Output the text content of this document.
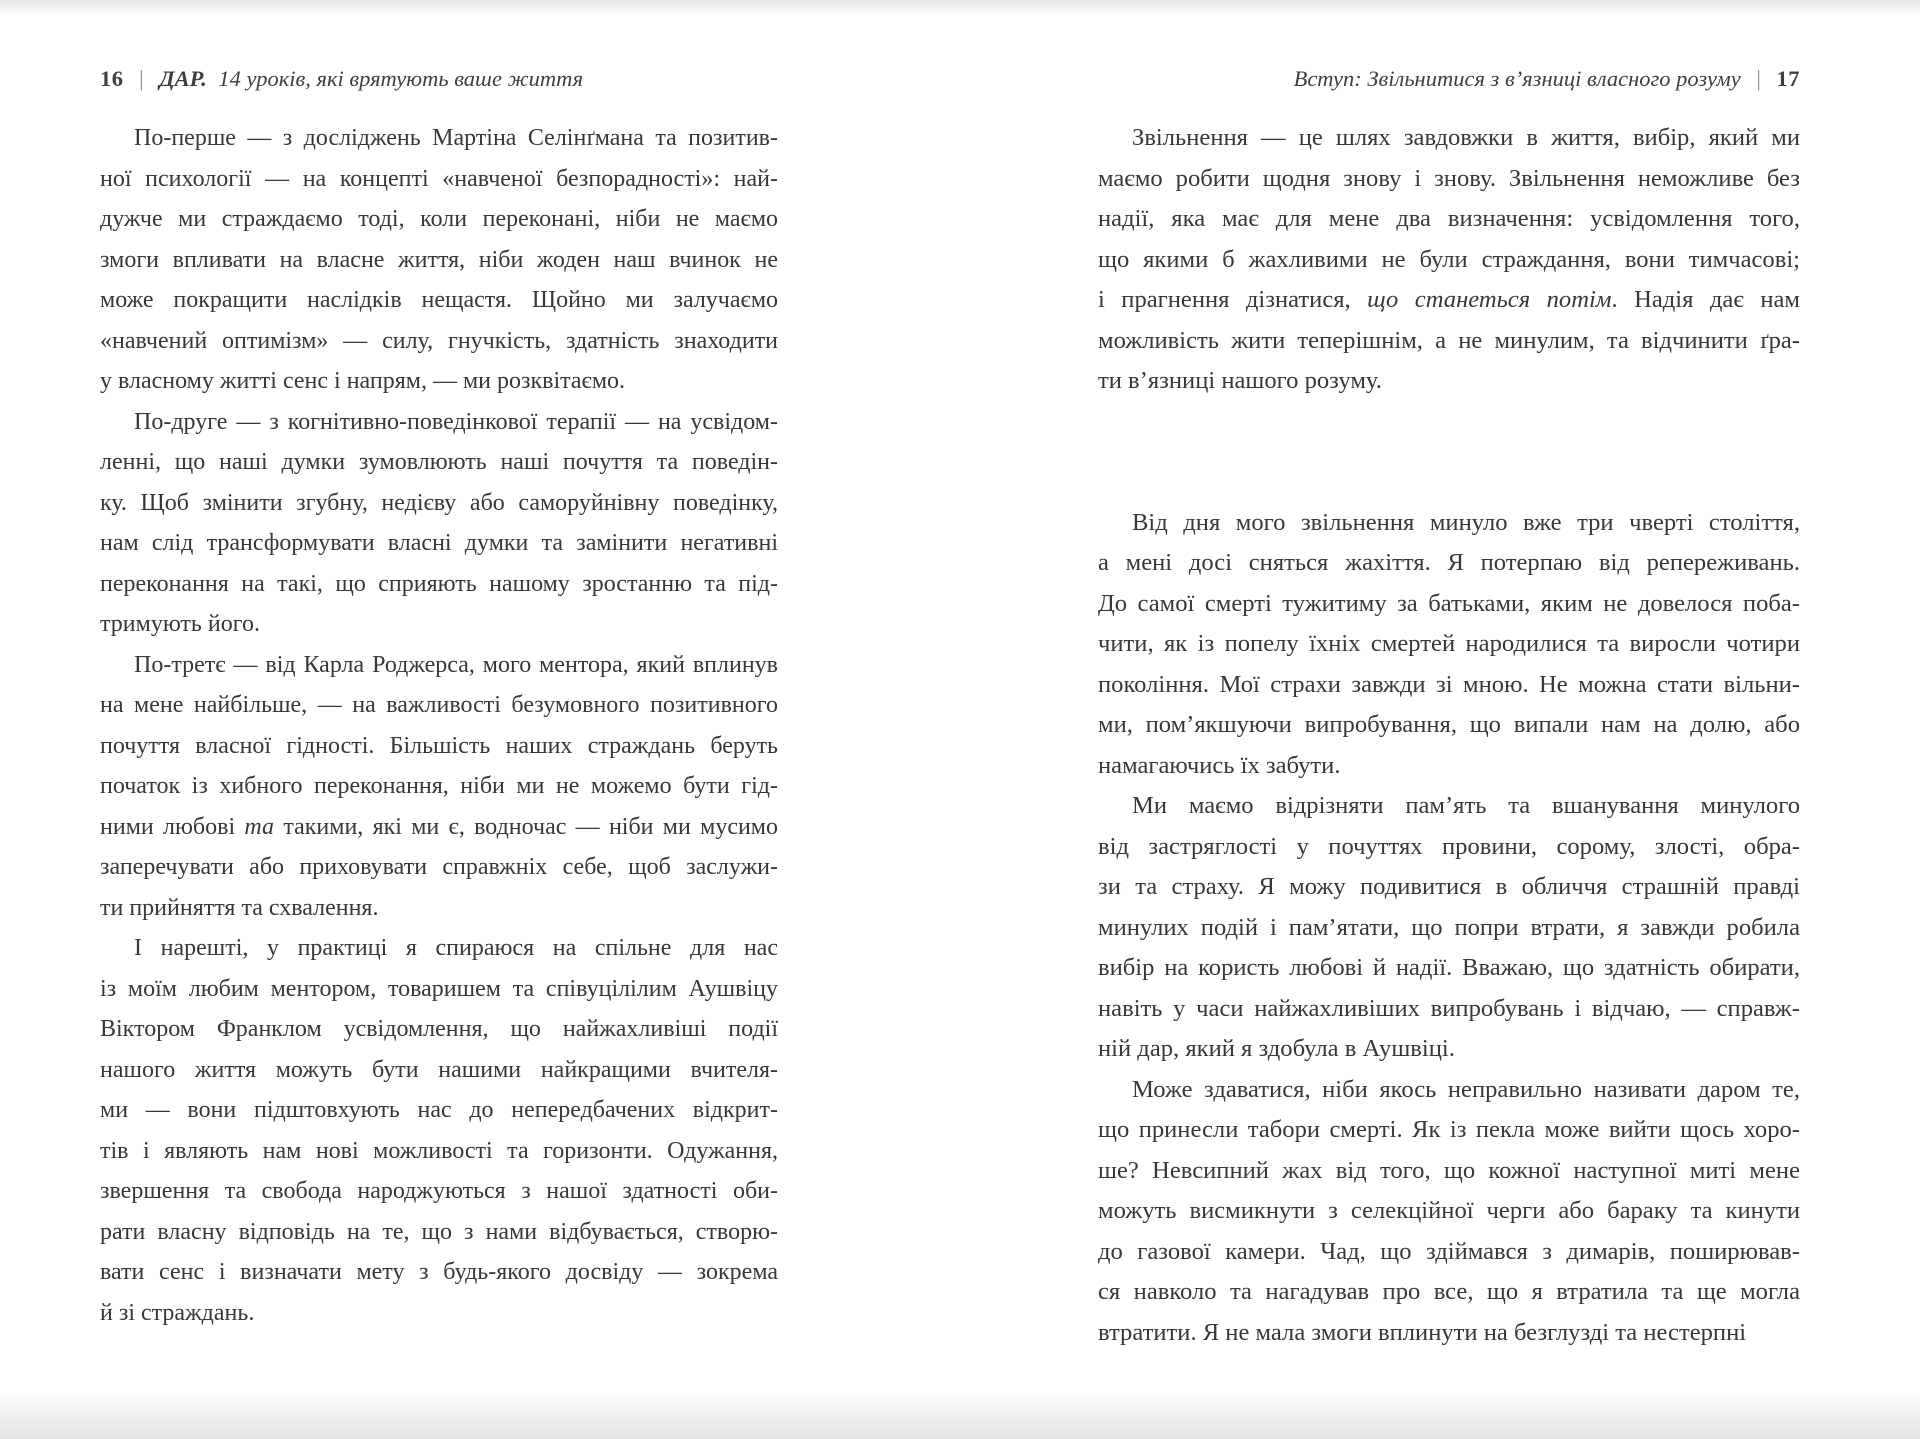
16 | ДАР. 14 уроків, які врятують ваше життя
По-перше — з досліджень Мартіна Селінґмана та позитив-
ної психології — на концепті «навченої безпорадності»: най-
дужче ми страждаємо тоді, коли переконані, ніби не маємо
змоги впливати на власне життя, ніби жоден наш вчинок не
може покращити наслідків нещастя. Щойно ми залучаємо
«навчений оптимізм» — силу, гнучкість, здатність знаходити
у власному житті сенс і напрям, — ми розквітаємо.
По-друге — з когнітивно-поведінкової терапії — на усвідом-
ленні, що наші думки зумовлюють наші почуття та поведін-
ку. Щоб змінити згубну, недієву або саморуйнівну поведінку,
нам слід трансформувати власні думки та замінити негативні
переконання на такі, що сприяють нашому зростанню та під-
тримують його.
По-третє — від Карла Роджерса, мого ментора, який вплинув
на мене найбільше, — на важливості безумовного позитивного
почуття власної гідності. Більшість наших страждань беруть
початок із хибного переконання, ніби ми не можемо бути гід-
ними любові та такими, які ми є, водночас — ніби ми мусимо
заперечувати або приховувати справжніх себе, щоб заслужи-
ти прийняття та схвалення.
І нарешті, у практиці я спираюся на спільне для нас
із моїм любим ментором, товаришем та співуцілілим Аушвіцу
Віктором Франклом усвідомлення, що найжахливіші події
нашого життя можуть бути нашими найкращими вчителя-
ми — вони підштовхують нас до непередбачених відкрит-
тів і являють нам нові можливості та горизонти. Одужання,
звершення та свобода народжуються з нашої здатності оби-
рати власну відповідь на те, що з нами відбувається, створю-
вати сенс і визначати мету з будь-якого досвіду — зокрема
й зі страждань.
Вступ: Звільнитися з в’язниці власного розуму | 17
Звільнення — це шлях завдовжки в життя, вибір, який ми
маємо робити щодня знову і знову. Звільнення неможливе без
надії, яка має для мене два визначення: усвідомлення того,
що якими б жахливими не були страждання, вони тимчасові;
і прагнення дізнатися, що станеться потім. Надія дає нам
можливість жити теперішнім, а не минулим, та відчинити ґра-
ти в’язниці нашого розуму.
Від дня мого звільнення минуло вже три чверті століття,
а мені досі сняться жахіття. Я потерпаю від репереживань.
До самої смерті тужитиму за батьками, яким не довелося поба-
чити, як із попелу їхніх смертей народилися та виросли чотири
покоління. Мої страхи завжди зі мною. Не можна стати вільни-
ми, пом’якшуючи випробування, що випали нам на долю, або
намагаючись їх забути.
Ми маємо відрізняти пам’ять та вшанування минулого
від застряглості у почуттях провини, сорому, злості, обра-
зи та страху. Я можу подивитися в обличчя страшній правді
минулих подій і пам’ятати, що попри втрати, я завжди робила
вибір на користь любові й надії. Вважаю, що здатність обирати,
навіть у часи найжахливіших випробувань і відчаю, — справж-
ній дар, який я здобула в Аушвіці.
Може здаватися, ніби якось неправильно називати даром те,
що принесли табори смерті. Як із пекла може вийти щось хоро-
ше? Невсипний жах від того, що кожної наступної миті мене
можуть висмикнути з селекційної черги або бараку та кинути
до газової камери. Чад, що здіймався з димарів, поширював-
ся навколо та нагадував про все, що я втратила та ще могла
втратити. Я не мала змоги вплинути на безглузді та нестерпні
